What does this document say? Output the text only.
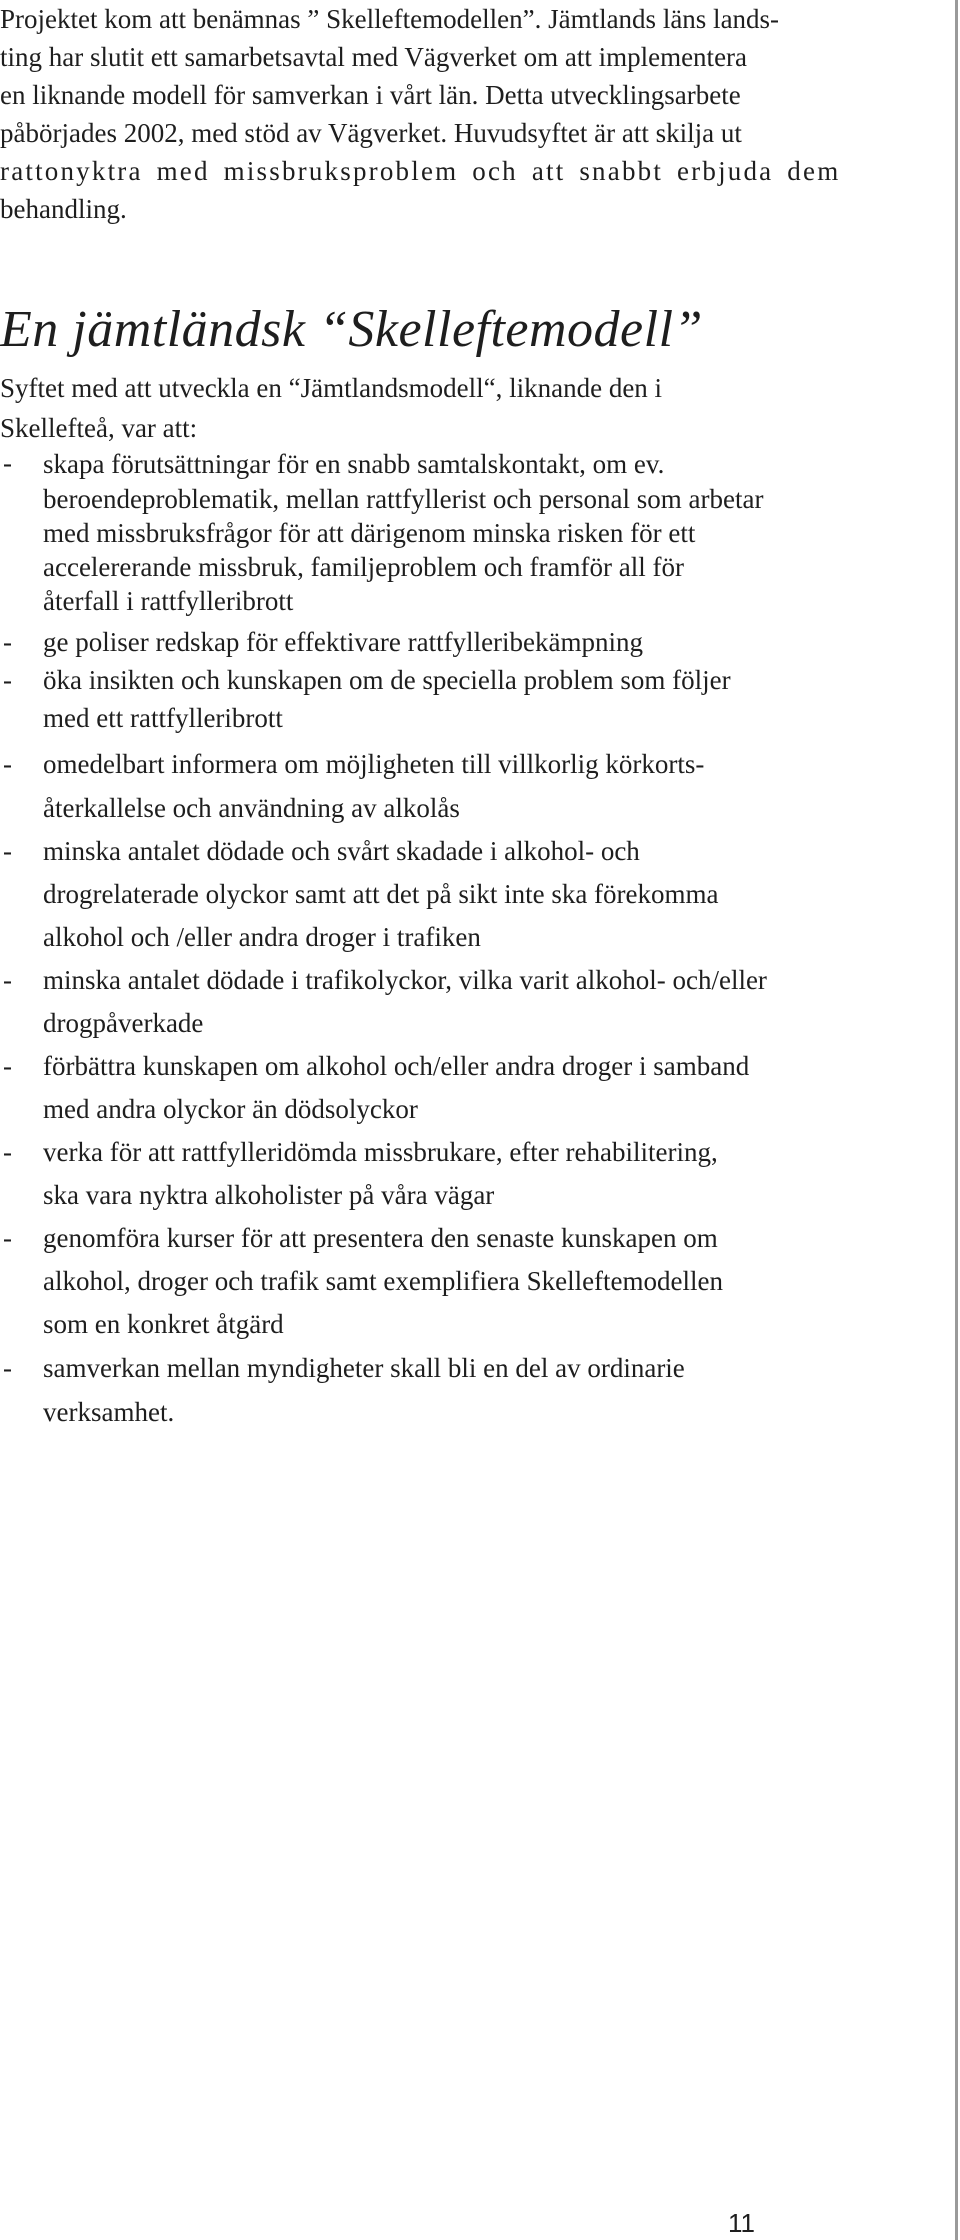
Projektet kom att benämnas ” Skelleftemodellen”. Jämtlands läns lands-
ting har slutit ett samarbetsavtal med Vägverket om att implementera
en liknande modell för samverkan i vårt län. Detta utvecklingsarbete
påbörjades 2002, med stöd av Vägverket. Huvudsyftet är att skilja ut
rattonyktra med missbruksproblem och att snabbt erbjuda dem
behandling.

En jämtländsk “Skelleftemodell”

Syftet med att utveckla en “Jämtlandsmodell“, liknande den i
Skellefteå, var att:

- skapa förutsättningar för en snabb samtalskontakt, om ev.
beroendeproblematik, mellan rattfyllerist och personal som arbetar
med missbruksfrågor för att därigenom minska risken för ett
accelererande missbruk, familjeproblem och framför all för
återfall i rattfylleribrott
- ge poliser redskap för effektivare rattfylleribekämpning
- öka insikten och kunskapen om de speciella problem som följer
med ett rattfylleribrott
- omedelbart informera om möjligheten till villkorlig körkorts-
återkallelse och användning av alkolås
- minska antalet dödade och svårt skadade i alkohol- och
drogrelaterade olyckor samt att det på sikt inte ska förekomma
alkohol och /eller andra droger i trafiken
- minska antalet dödade i trafikolyckor, vilka varit alkohol- och/eller
drogpåverkade
- förbättra kunskapen om alkohol och/eller andra droger i samband
med andra olyckor än dödsolyckor
- verka för att rattfylleridömda missbrukare, efter rehabilitering,
ska vara nyktra alkoholister på våra vägar
- genomföra kurser för att presentera den senaste kunskapen om
alkohol, droger och trafik samt exemplifiera Skelleftemodellen
som en konkret åtgärd
- samverkan mellan myndigheter skall bli en del av ordinarie
verksamhet.

11
